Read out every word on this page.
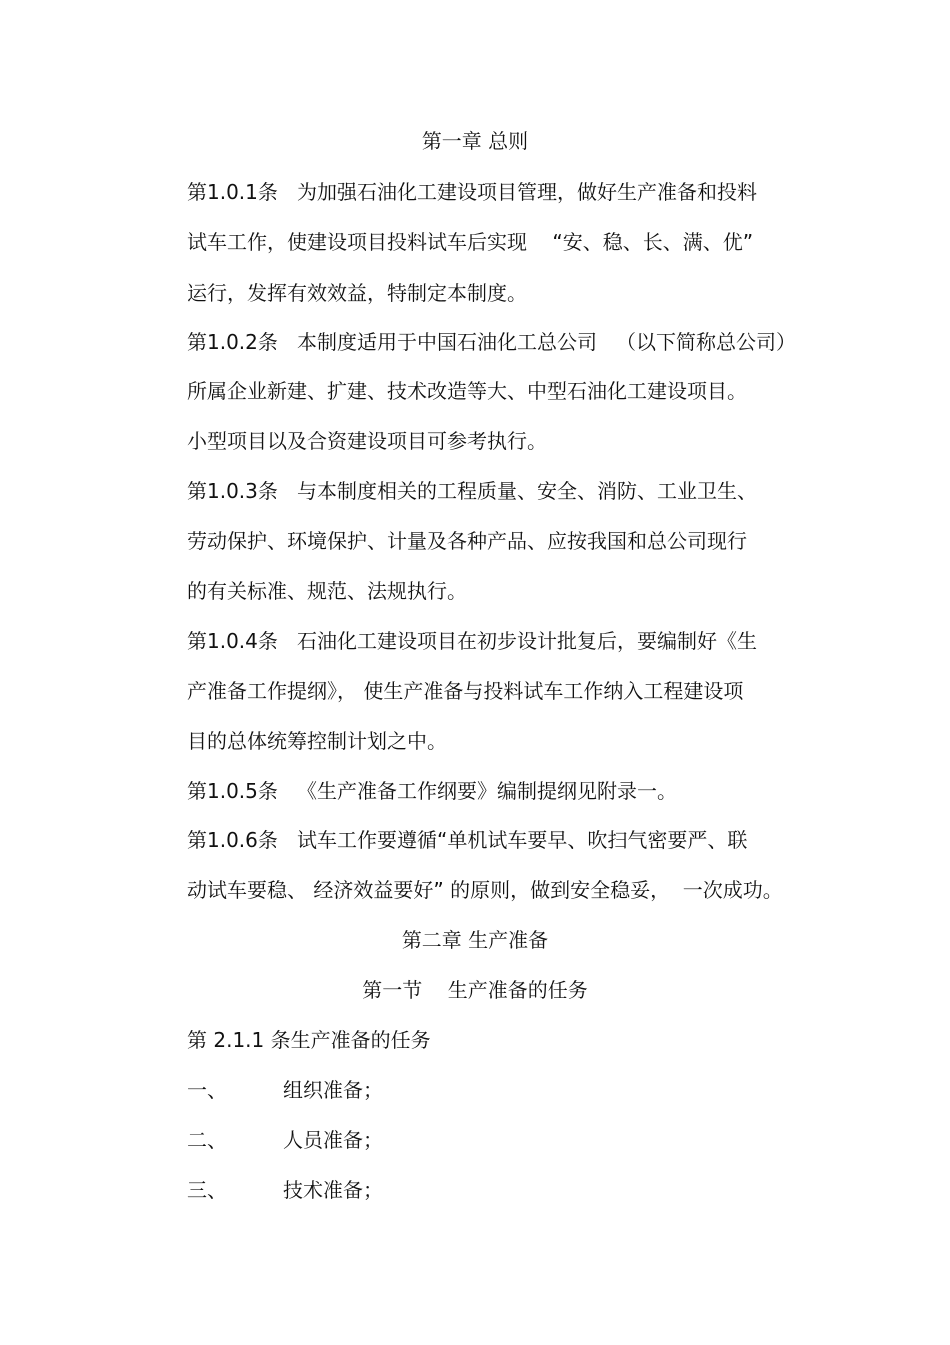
第一章 总则
第1.0.1条   为加强石油化工建设项目管理，做好生产准备和投料
试车工作，使建设项目投料试车后实现    “安、稳、长、满、优”
运行，发挥有效效益，特制定本制度。
第1.0.2条   本制度适用于中国石油化工总公司   （以下简称总公司）
所属企业新建、扩建、技术改造等大、中型石油化工建设项目。
小型项目以及合资建设项目可参考执行。
第1.0.3条   与本制度相关的工程质量、安全、消防、工业卫生、
劳动保护、环境保护、计量及各种产品、应按我国和总公司现行
的有关标准、规范、法规执行。
第1.0.4条   石油化工建设项目在初步设计批复后，要编制好《生
产准备工作提纲》， 使生产准备与投料试车工作纳入工程建设项
目的总体统筹控制计划之中。
第1.0.5条   《生产准备工作纲要》编制提纲见附录一。
第1.0.6条   试车工作要遵循“单机试车要早、吹扫气密要严、联
动试车要稳、 经济效益要好” 的原则，做到安全稳妥，  一次成功。
第二章 生产准备
第一节    生产准备的任务
第 2.1.1 条生产准备的任务
一、	组织准备；
二、	人员准备；
三、	技术准备；
